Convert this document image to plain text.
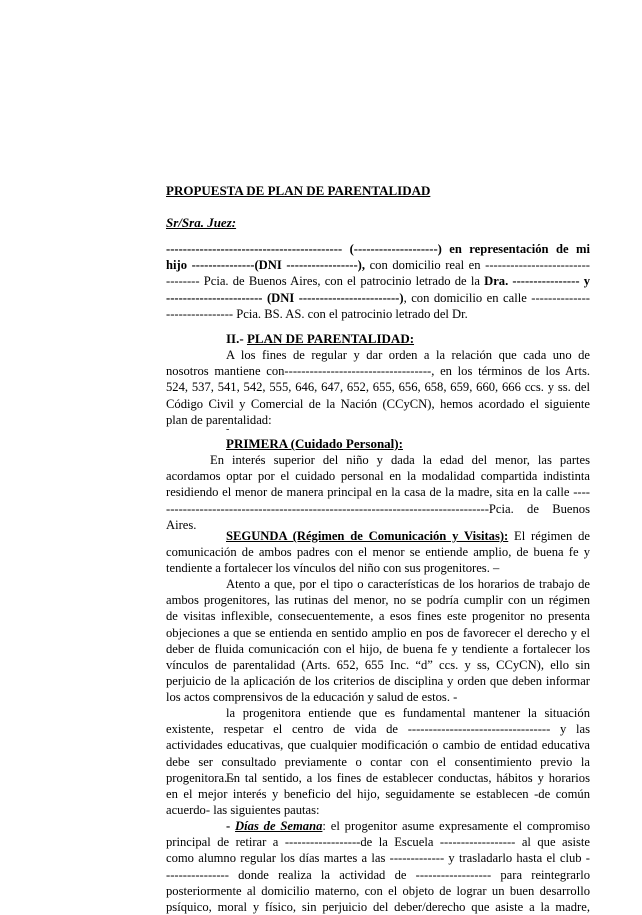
PROPUESTA DE PLAN DE PARENTALIDAD
Sr/Sra. Juez:
------------------------------------------ (--------------------) en representación de mi
hijo ---------------(DNI -----------------), con domicilio real en -------------------------
-------- Pcia. de Buenos Aires, con el patrocinio letrado de la Dra. ---------------- y
----------------------- (DNI ------------------------), con domicilio en calle --------------
---------------- Pcia. BS. AS. con el patrocinio letrado del Dr.
II.- PLAN DE PARENTALIDAD:
A los fines de regular y dar orden a la relación que cada uno de
nosotros mantiene con-----------------------------------, en los términos de los Arts.
524, 537, 541, 542, 555, 646, 647, 652, 655, 656, 658, 659, 660, 666 ccs. y ss. del
Código Civil y Comercial de la Nación (CCyCN), hemos acordado el siguiente
plan de parentalidad:
-
PRIMERA (Cuidado Personal):
En interés superior del niño y dada la edad del menor, las partes
acordamos optar por el cuidado personal en la modalidad compartida indistinta
residiendo el menor de manera principal en la casa de la madre, sita en la calle ----
-----------------------------------------------------------------------------Pcia. de Buenos
Aires.
SEGUNDA (Régimen de Comunicación y Visitas): El régimen de
comunicación de ambos padres con el menor se entiende amplio, de buena fe y
tendiente a fortalecer los vínculos del niño con sus progenitores. –
Atento a que, por el tipo o características de los horarios de trabajo de
ambos progenitores, las rutinas del menor, no se podría cumplir con un régimen
de visitas inflexible, consecuentemente, a esos fines este progenitor no presenta
objeciones a que se entienda en sentido amplio en pos de favorecer el derecho y el
deber de fluida comunicación con el hijo, de buena fe y tendiente a fortalecer los
vínculos de parentalidad (Arts. 652, 655 Inc. “d” ccs. y ss, CCyCN), ello sin
perjuicio de la aplicación de los criterios de disciplina y orden que deben informar
los actos comprensivos de la educación y salud de estos. -
la progenitora entiende que es fundamental mantener la situación
existente, respetar el centro de vida de ---------------------------------- y las
actividades educativas, que cualquier modificación o cambio de entidad educativa
debe ser consultado previamente o contar con el consentimiento previo la
progenitora. -
En tal sentido, a los fines de establecer conductas, hábitos y horarios
en el mejor interés y beneficio del hijo, seguidamente se establecen -de común
acuerdo- las siguientes pautas:
- Días de Semana: el progenitor asume expresamente el compromiso
principal de retirar a ------------------de la Escuela ------------------ al que asiste
como alumno regular los días martes a las ------------- y trasladarlo hasta el club -
--------------- donde realiza la actividad de ------------------ para reintegrarlo
posteriormente al domicilio materno, con el objeto de lograr un buen desarrollo
psíquico, moral y físico, sin perjuicio del deber/derecho que asiste a la madre,
